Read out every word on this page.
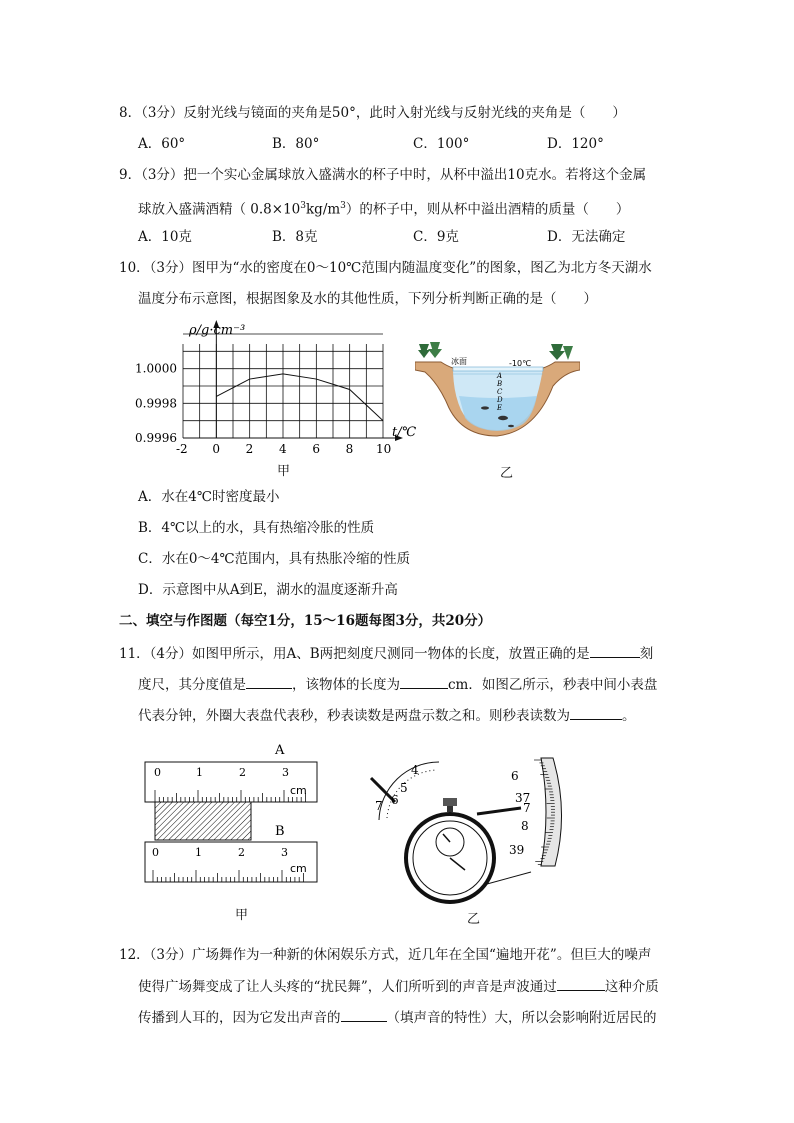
8．（3分）反射光线与镜面的夹角是50°，此时入射光线与反射光线的夹角是（　　）
A．60°	B．80°	C．100°	D．120°
9．（3分）把一个实心金属球放入盛满水的杯子中时，从杯中溢出10克水。若将这个金属
球放入盛满酒精（ $0.8\times 10^3kg/m^3$）的杯子中，则从杯中溢出酒精的质量（　　）
A．10克	B．8克	C．9克	D．无法确定
10．（3分）图甲为“水的密度在0～10℃范围内随温度变化”的图象，图乙为北方冬天湖水
温度分布示意图，根据图象及水的其他性质，下列分析判断正确的是（　　）
-2 0 2 4 6 8 10
1.0000
0.9998
0.9996
ρ/g·cm⁻³
t/℃
甲
冰面	-10℃
A
B
C
D
E
乙
A．水在4℃时密度最小
B．4℃以上的水，具有热缩冷胀的性质
C．水在0～4℃范围内，具有热胀冷缩的性质
D．示意图中从A到E，湖水的温度逐渐升高
二、填空与作图题（每空1分，15～16题每图3分，共20分）
11．（4分）如图甲所示，用A、B两把刻度尺测同一物体的长度，放置正确的是	刻
度尺，其分度值是	，该物体的长度为	cm．如图乙所示，秒表中间小表盘
代表分钟，外圈大表盘代表秒，秒表读数是两盘示数之和。则秒表读数为	。
A
0	1	2	3
cm
B
0	1	2	3
cm
甲
4
5
6
7
6
37
7
8
39
乙
12．（3分）广场舞作为一种新的休闲娱乐方式，近几年在全国“遍地开花”。但巨大的噪声
使得广场舞变成了让人头疼的“扰民舞”，人们所听到的声音是声波通过	这种介质
传播到人耳的，因为它发出声音的	（填声音的特性）大，所以会影响附近居民的
